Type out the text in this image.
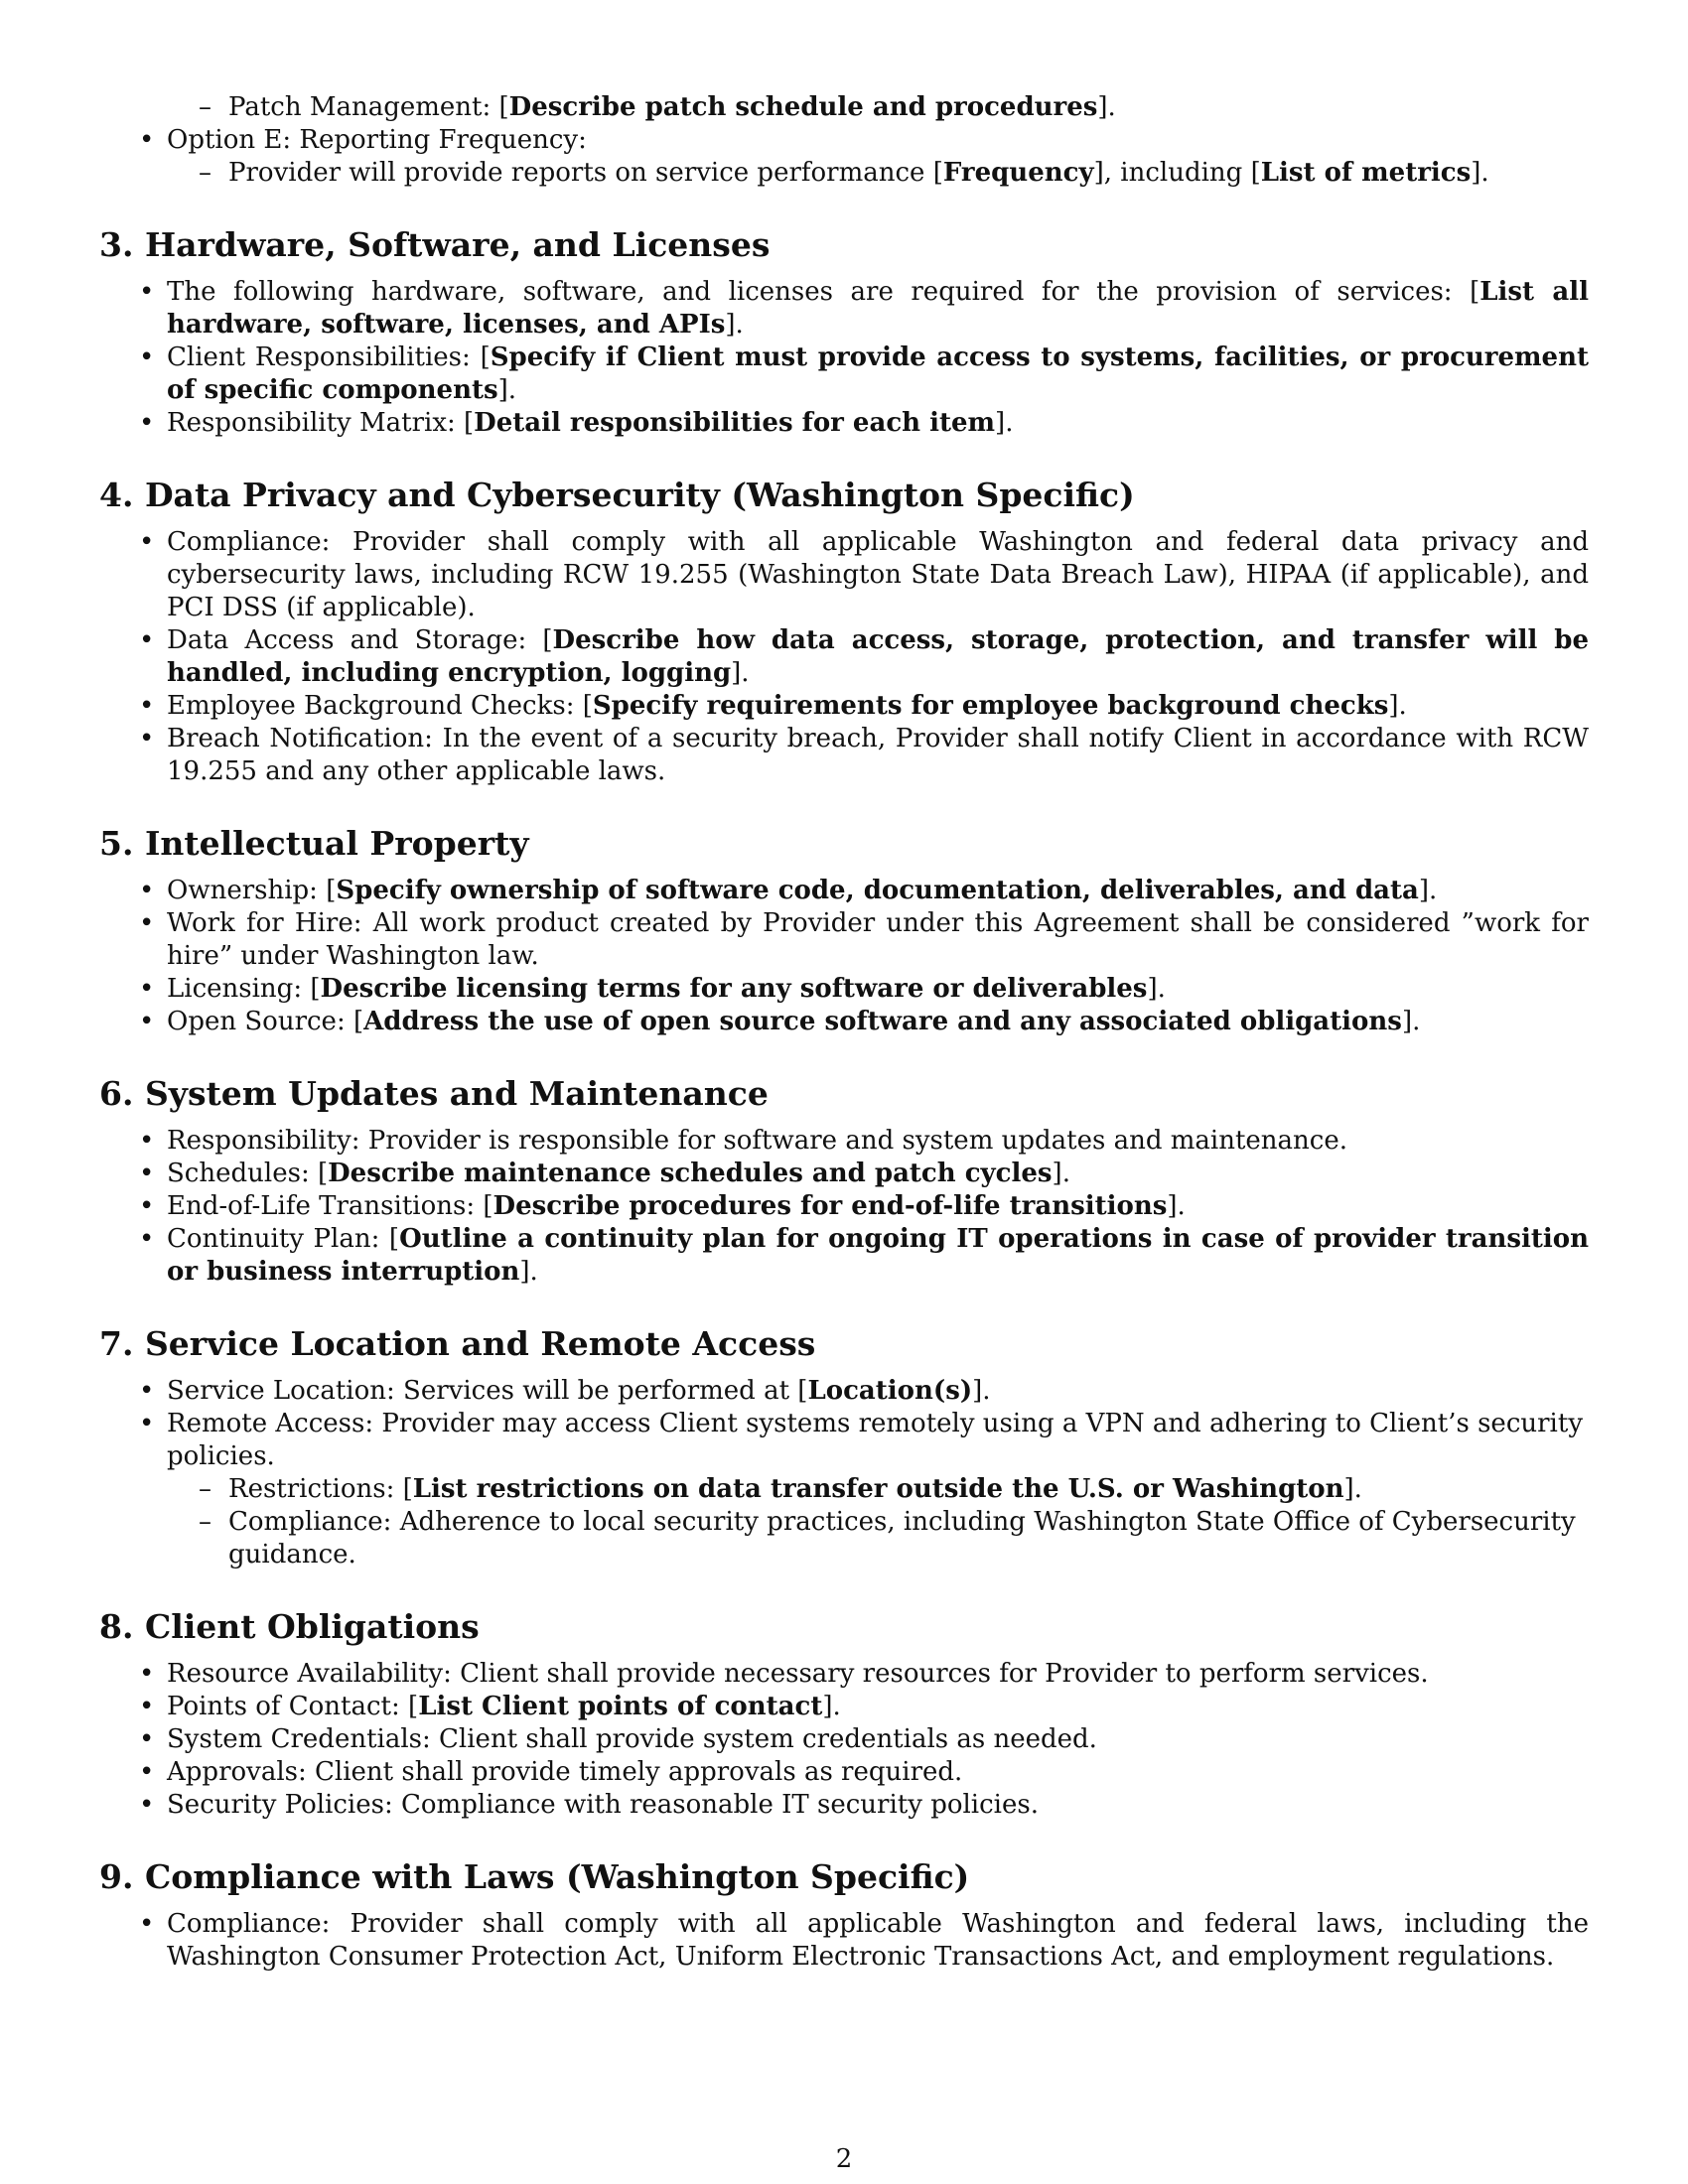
– Patch Management: [Describe patch schedule and procedures].
• Option E: Reporting Frequency:
– Provider will provide reports on service performance [Frequency], including [List of metrics].
3. Hardware, Software, and Licenses
• The following hardware, software, and licenses are required for the provision of services: [List all hardware, software, licenses, and APIs].
• Client Responsibilities: [Specify if Client must provide access to systems, facilities, or procurement of specific components].
• Responsibility Matrix: [Detail responsibilities for each item].
4. Data Privacy and Cybersecurity (Washington Specific)
• Compliance: Provider shall comply with all applicable Washington and federal data privacy and cybersecurity laws, including RCW 19.255 (Washington State Data Breach Law), HIPAA (if applicable), and PCI DSS (if applicable).
• Data Access and Storage: [Describe how data access, storage, protection, and transfer will be handled, including encryption, logging].
• Employee Background Checks: [Specify requirements for employee background checks].
• Breach Notification: In the event of a security breach, Provider shall notify Client in accordance with RCW 19.255 and any other applicable laws.
5. Intellectual Property
• Ownership: [Specify ownership of software code, documentation, deliverables, and data].
• Work for Hire: All work product created by Provider under this Agreement shall be considered ”work for hire” under Washington law.
• Licensing: [Describe licensing terms for any software or deliverables].
• Open Source: [Address the use of open source software and any associated obligations].
6. System Updates and Maintenance
• Responsibility: Provider is responsible for software and system updates and maintenance.
• Schedules: [Describe maintenance schedules and patch cycles].
• End-of-Life Transitions: [Describe procedures for end-of-life transitions].
• Continuity Plan: [Outline a continuity plan for ongoing IT operations in case of provider transition or business interruption].
7. Service Location and Remote Access
• Service Location: Services will be performed at [Location(s)].
• Remote Access: Provider may access Client systems remotely using a VPN and adhering to Client’s security policies.
– Restrictions: [List restrictions on data transfer outside the U.S. or Washington].
– Compliance: Adherence to local security practices, including Washington State Office of Cybersecurity guidance.
8. Client Obligations
• Resource Availability: Client shall provide necessary resources for Provider to perform services.
• Points of Contact: [List Client points of contact].
• System Credentials: Client shall provide system credentials as needed.
• Approvals: Client shall provide timely approvals as required.
• Security Policies: Compliance with reasonable IT security policies.
9. Compliance with Laws (Washington Specific)
• Compliance: Provider shall comply with all applicable Washington and federal laws, including the Washington Consumer Protection Act, Uniform Electronic Transactions Act, and employment regulations.
2
